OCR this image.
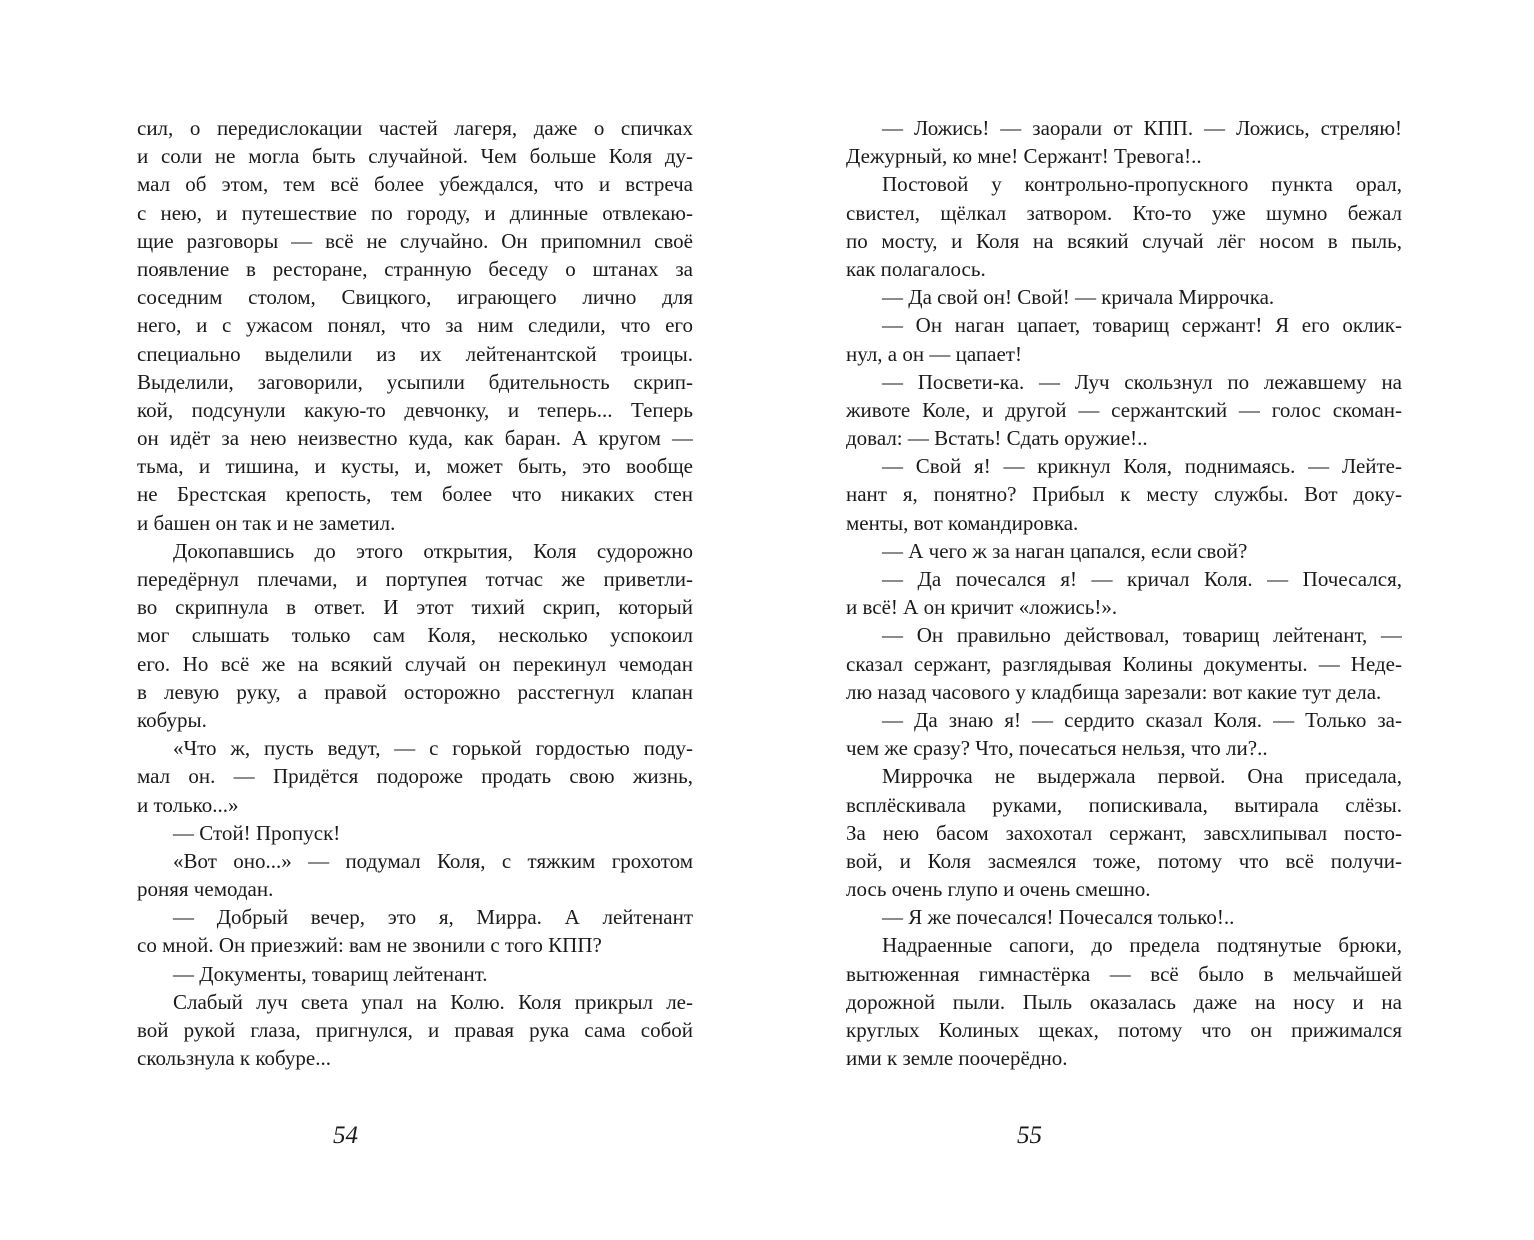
сил, о передислокации частей лагеря, даже о спичках
и соли не могла быть случайной. Чем больше Коля ду-
мал об этом, тем всё более убеждался, что и встреча
с нею, и путешествие по городу, и длинные отвлекаю-
щие разговоры — всё не случайно. Он припомнил своё
появление в ресторане, странную беседу о штанах за
соседним столом, Свицкого, играющего лично для
него, и с ужасом понял, что за ним следили, что его
специально выделили из их лейтенантской троицы.
Выделили, заговорили, усыпили бдительность скрип-
кой, подсунули какую-то девчонку, и теперь... Теперь
он идёт за нею неизвестно куда, как баран. А кругом —
тьма, и тишина, и кусты, и, может быть, это вообще
не Брестская крепость, тем более что никаких стен
и башен он так и не заметил.
Докопавшись до этого открытия, Коля судорожно
передёрнул плечами, и портупея тотчас же приветли-
во скрипнула в ответ. И этот тихий скрип, который
мог слышать только сам Коля, несколько успокоил
его. Но всё же на всякий случай он перекинул чемодан
в левую руку, а правой осторожно расстегнул клапан
кобуры.
«Что ж, пусть ведут, — с горькой гордостью поду-
мал он. — Придётся подороже продать свою жизнь,
и только...»
— Стой! Пропуск!
«Вот оно...» — подумал Коля, с тяжким грохотом
роняя чемодан.
— Добрый вечер, это я, Мирра. А лейтенант
со мной. Он приезжий: вам не звонили с того КПП?
— Документы, товарищ лейтенант.
Слабый луч света упал на Колю. Коля прикрыл ле-
вой рукой глаза, пригнулся, и правая рука сама собой
скользнула к кобуре...
54
— Ложись! — заорали от КПП. — Ложись, стреляю!
Дежурный, ко мне! Сержант! Тревога!..
Постовой у контрольно-пропускного пункта орал,
свистел, щёлкал затвором. Кто-то уже шумно бежал
по мосту, и Коля на всякий случай лёг носом в пыль,
как полагалось.
— Да свой он! Свой! — кричала Миррочка.
— Он наган цапает, товарищ сержант! Я его оклик-
нул, а он — цапает!
— Посвети-ка. — Луч скользнул по лежавшему на
животе Коле, и другой — сержантский — голос скоман-
довал: — Встать! Сдать оружие!..
— Свой я! — крикнул Коля, поднимаясь. — Лейте-
нант я, понятно? Прибыл к месту службы. Вот доку-
менты, вот командировка.
— А чего ж за наган цапался, если свой?
— Да почесался я! — кричал Коля. — Почесался,
и всё! А он кричит «ложись!».
— Он правильно действовал, товарищ лейтенант, —
сказал сержант, разглядывая Колины документы. — Неде-
лю назад часового у кладбища зарезали: вот какие тут дела.
— Да знаю я! — сердито сказал Коля. — Только за-
чем же сразу? Что, почесаться нельзя, что ли?..
Миррочка не выдержала первой. Она приседала,
всплёскивала руками, попискивала, вытирала слёзы.
За нею басом захохотал сержант, завсхлипывал посто-
вой, и Коля засмеялся тоже, потому что всё получи-
лось очень глупо и очень смешно.
— Я же почесался! Почесался только!..
Надраенные сапоги, до предела подтянутые брюки,
вытюженная гимнастёрка — всё было в мельчайшей
дорожной пыли. Пыль оказалась даже на носу и на
круглых Колиных щеках, потому что он прижимался
ими к земле поочерёдно.
55
